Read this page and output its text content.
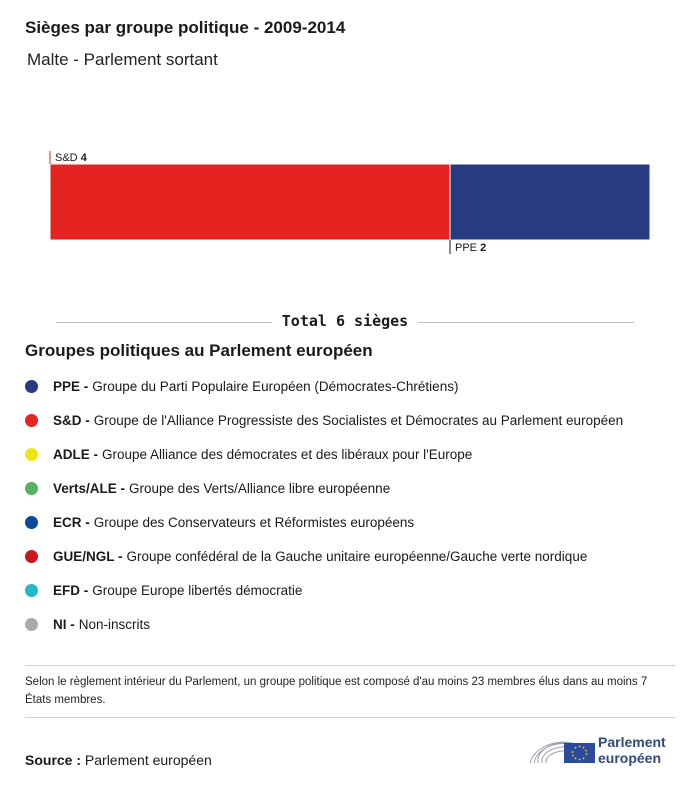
Sièges par groupe politique - 2009-2014
Malte - Parlement sortant
S&D 4
PPE 2
Total 6 sièges
Groupes politiques au Parlement européen
PPE - Groupe du Parti Populaire Européen (Démocrates-Chrétiens)
S&D - Groupe de l'Alliance Progressiste des Socialistes et Démocrates au Parlement européen
ADLE - Groupe Alliance des démocrates et des libéraux pour l'Europe
Verts/ALE - Groupe des Verts/Alliance libre européenne
ECR - Groupe des Conservateurs et Réformistes européens
GUE/NGL - Groupe confédéral de la Gauche unitaire européenne/Gauche verte nordique
EFD - Groupe Europe libertés démocratie
NI - Non-inscrits
Selon le règlement intérieur du Parlement, un groupe politique est composé d'au moins 23 membres élus dans au moins 7 États membres.
Source : Parlement européen
Parlement
européen
